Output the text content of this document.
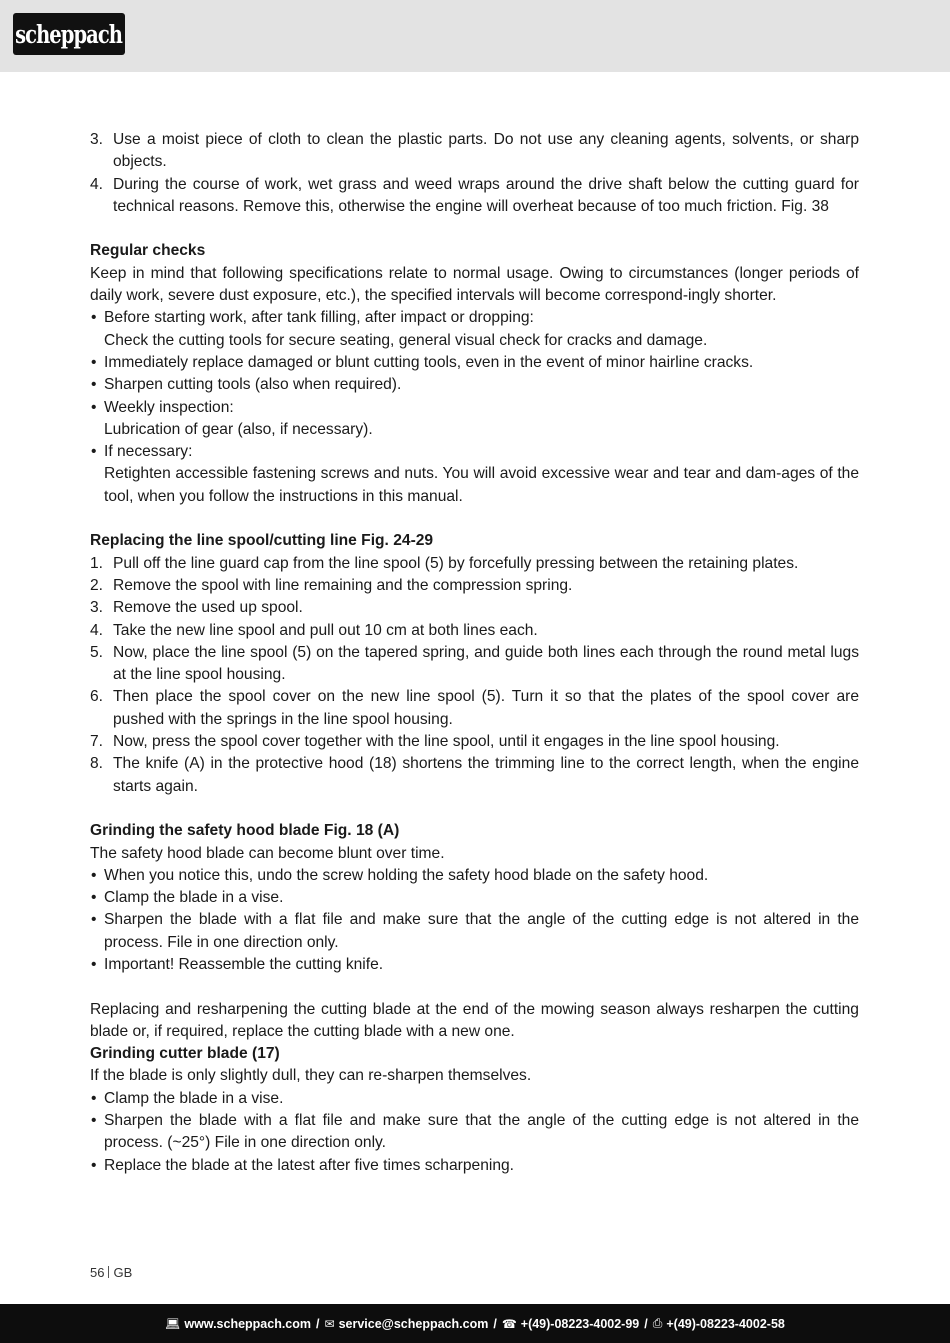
scheppach
3. Use a moist piece of cloth to clean the plastic parts. Do not use any cleaning agents, solvents, or sharp objects.
4. During the course of work, wet grass and weed wraps around the drive shaft below the cutting guard for technical reasons. Remove this, otherwise the engine will overheat because of too much friction. Fig. 38
Regular checks

Keep in mind that following specifications relate to normal usage. Owing to circumstances (longer periods of daily work, severe dust exposure, etc.), the specified intervals will become correspond-ingly shorter.

• Before starting work, after tank filling, after impact or dropping:
Check the cutting tools for secure seating, general visual check for cracks and damage.
• Immediately replace damaged or blunt cutting tools, even in the event of minor hairline cracks.
• Sharpen cutting tools (also when required).
• Weekly inspection:
Lubrication of gear (also, if necessary).
• If necessary:
Retighten accessible fastening screws and nuts. You will avoid excessive wear and tear and dam-ages of the tool, when you follow the instructions in this manual.
Replacing the line spool/cutting line Fig. 24-29
1. Pull off the line guard cap from the line spool (5) by forcefully pressing between the retaining plates.
2. Remove the spool with line remaining and the compression spring.
3. Remove the used up spool.
4. Take the new line spool and pull out 10 cm at both lines each.
5. Now, place the line spool (5) on the tapered spring, and guide both lines each through the round metal lugs at the line spool housing.
6. Then place the spool cover on the new line spool (5). Turn it so that the plates of the spool cover are pushed with the springs in the line spool housing.
7. Now, press the spool cover together with the line spool, until it engages in the line spool housing.
8. The knife (A) in the protective hood (18) shortens the trimming line to the correct length, when the engine starts again.
Grinding the safety hood blade Fig. 18 (A)

The safety hood blade can become blunt over time.

• When you notice this, undo the screw holding the safety hood blade on the safety hood.
• Clamp the blade in a vise.
• Sharpen the blade with a flat file and make sure that the angle of the cutting edge is not altered in the process. File in one direction only.
• Important! Reassemble the cutting knife.

Replacing and resharpening the cutting blade at the end of the mowing season always resharpen the cutting blade or, if required, replace the cutting blade with a new one.

Grinding cutter blade (17)

If the blade is only slightly dull, they can re-sharpen themselves.

• Clamp the blade in a vise.
• Sharpen the blade with a flat file and make sure that the angle of the cutting edge is not altered in the process. (~25°) File in one direction only.
• Replace the blade at the latest after five times scharpening.
56 GB
💻︎ www.scheppach.com / ✉︎ service@scheppach.com / ☎ +(49)-08223-4002-99 / ⎙ +(49)-08223-4002-58
